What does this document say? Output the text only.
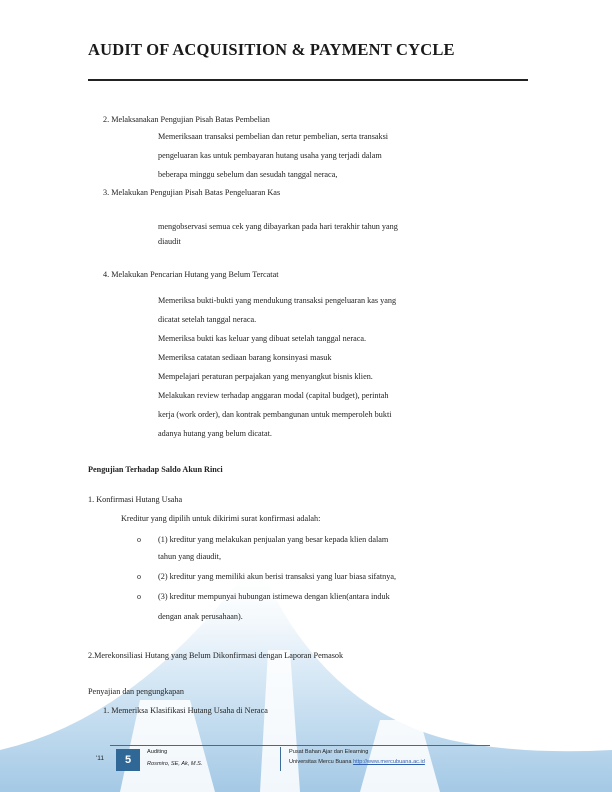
AUDIT OF ACQUISITION & PAYMENT CYCLE
2. Melaksanakan Pengujian Pisah Batas Pembelian
Memeriksaan transaksi pembelian dan retur pembelian, serta transaksi
pengeluaran kas untuk pembayaran hutang usaha yang terjadi dalam
beberapa minggu sebelum dan sesudah tanggal neraca,
3. Melakukan Pengujian Pisah Batas Pengeluaran Kas
mengobservasi semua cek yang dibayarkan pada hari terakhir tahun yang
diaudit
4. Melakukan Pencarian Hutang yang Belum Tercatat
Memeriksa bukti-bukti yang mendukung transaksi pengeluaran kas yang
dicatat setelah tanggal neraca.
Memeriksa bukti kas keluar yang dibuat setelah tanggal neraca.
Memeriksa catatan sediaan barang konsinyasi masuk
Mempelajari peraturan perpajakan yang menyangkut bisnis klien.
Melakukan review terhadap anggaran modal (capital budget), perintah
kerja (work order), dan kontrak pembangunan untuk memperoleh bukti
adanya hutang yang belum dicatat.
Pengujian Terhadap Saldo Akun Rinci
1. Konfirmasi Hutang Usaha
Kreditur yang dipilih untuk dikirimi surat konfirmasi adalah:
o (1) kreditur yang melakukan penjualan yang besar kepada klien dalam
tahun yang diaudit,
o (2) kreditur yang memiliki akun berisi transaksi yang luar biasa sifatnya,
o (3) kreditur mempunyai hubungan istimewa dengan klien(antara induk
dengan anak perusahaan).
2.Merekonsiliasi Hutang yang Belum Dikonfirmasi dengan Laporan Pemasok
Penyajian dan pengungkapan
1. Memeriksa Klasifikasi Hutang Usaha di Neraca
'11	5
Auditing
Rosmiro, SE, Ak, M.S.
Pusat Bahan Ajar dan Elearning
Universitas Mercu Buana http://www.mercubuana.ac.id
